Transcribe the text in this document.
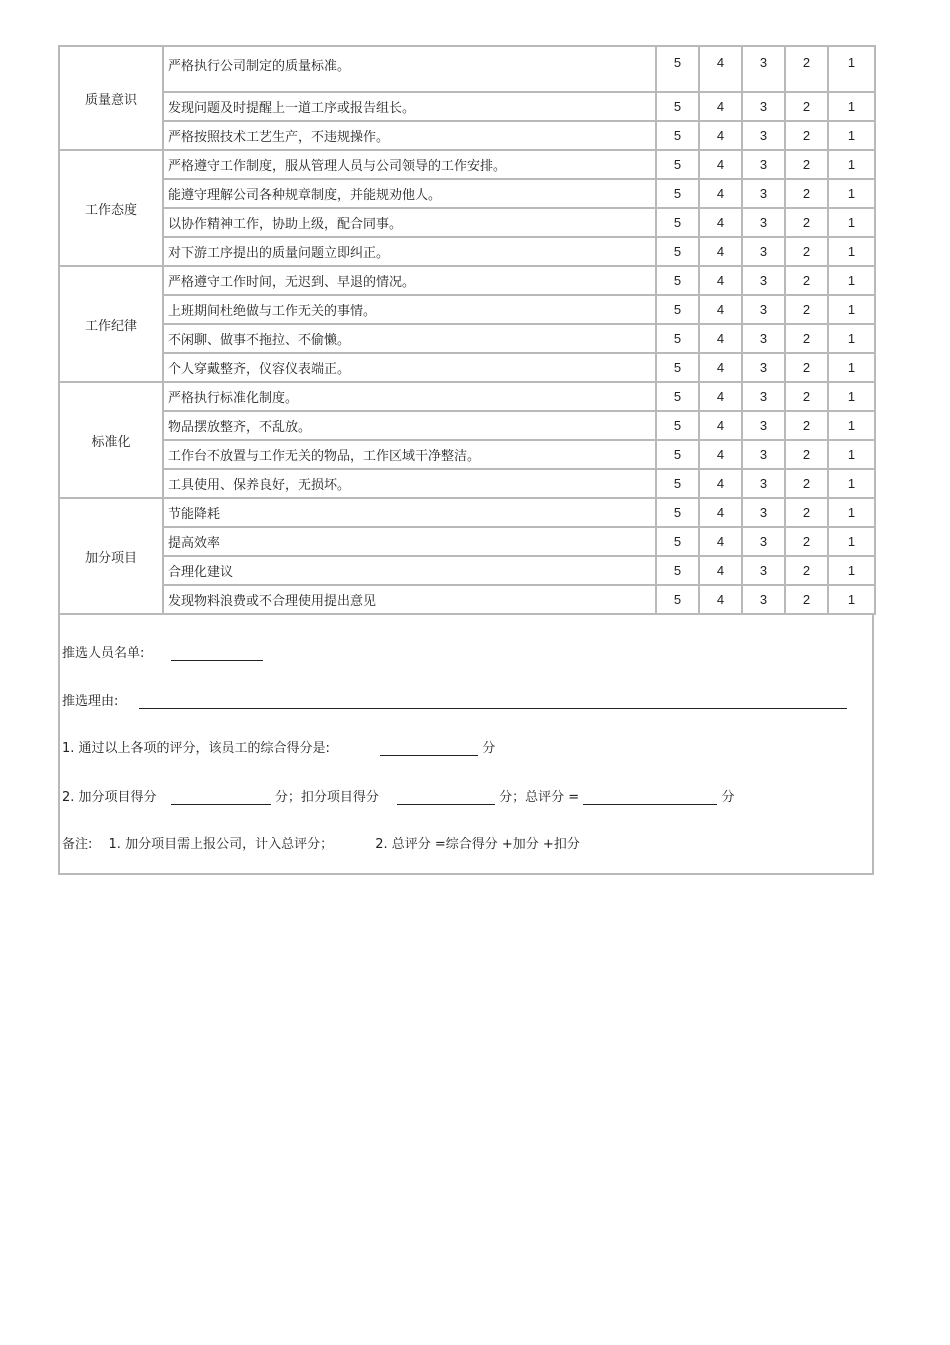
质量意识	严格执行公司制定的质量标准。	5	4	3	2	1
	发现问题及时提醒上一道工序或报告组长。	5	4	3	2	1
	严格按照技术工艺生产，不违规操作。	5	4	3	2	1
工作态度	严格遵守工作制度，服从管理人员与公司领导的工作安排。	5	4	3	2	1
	能遵守理解公司各种规章制度，并能规劝他人。	5	4	3	2	1
	以协作精神工作，协助上级，配合同事。	5	4	3	2	1
	对下游工序提出的质量问题立即纠正。	5	4	3	2	1
工作纪律	严格遵守工作时间，无迟到、早退的情况。	5	4	3	2	1
	上班期间杜绝做与工作无关的事情。	5	4	3	2	1
	不闲聊、做事不拖拉、不偷懒。	5	4	3	2	1
	个人穿戴整齐，仪容仪表端正。	5	4	3	2	1
标准化	严格执行标准化制度。	5	4	3	2	1
	物品摆放整齐，不乱放。	5	4	3	2	1
	工作台不放置与工作无关的物品，工作区域干净整洁。	5	4	3	2	1
	工具使用、保养良好，无损坏。	5	4	3	2	1
加分项目	节能降耗	5	4	3	2	1
	提高效率	5	4	3	2	1
	合理化建议	5	4	3	2	1
	发现物料浪费或不合理使用提出意见	5	4	3	2	1
推选人员名单:
推选理由:
1. 通过以上各项的评分，该员工的综合得分是:	分
2. 加分项目得分	分；扣分项目得分	分；总评分 =	分
备注: 1. 加分项目需上报公司，计入总评分；	2. 总评分 =综合得分 +加分 +扣分
